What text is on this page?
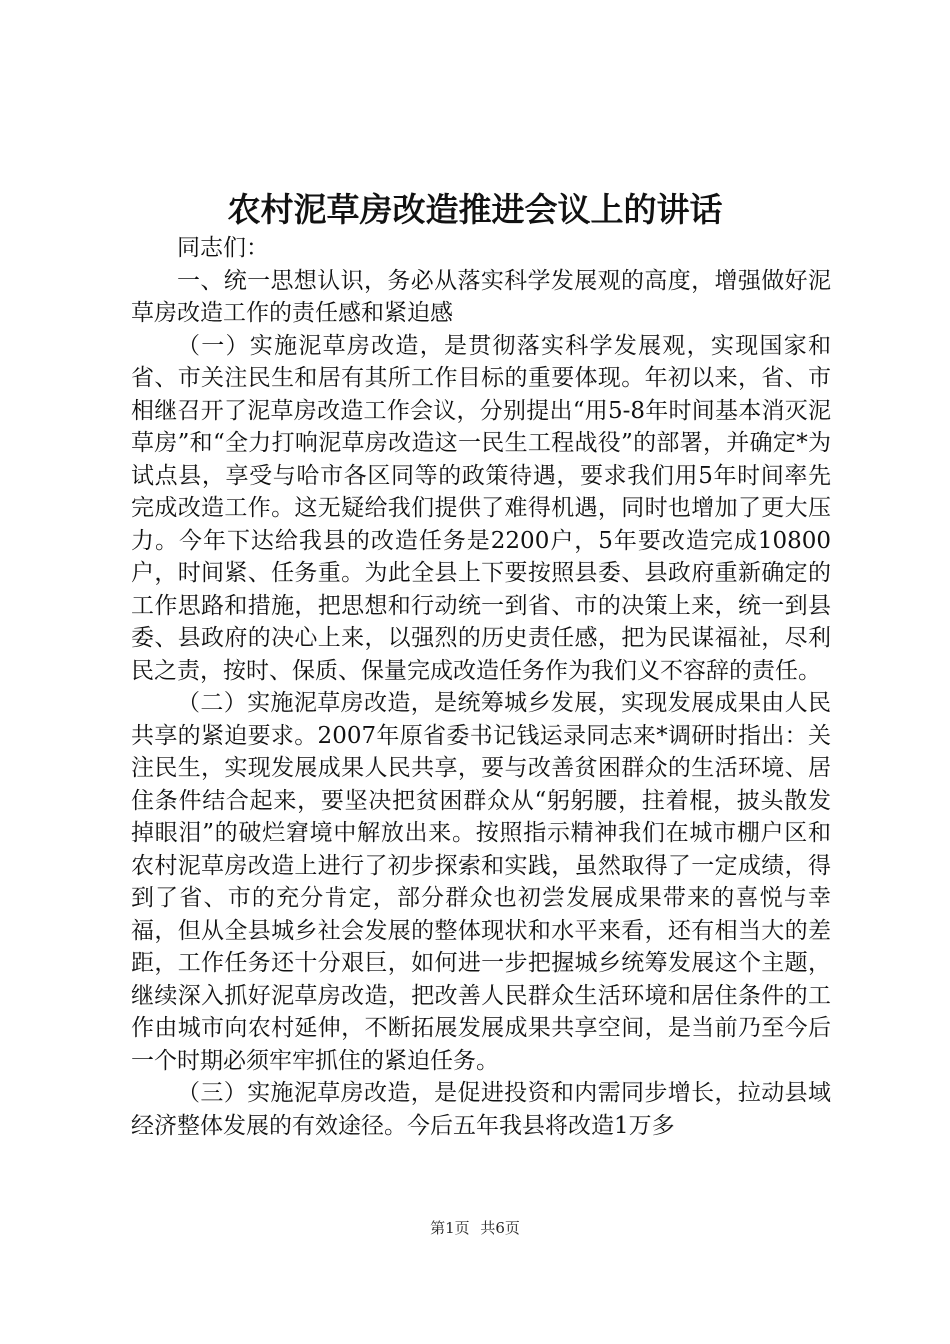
农村泥草房改造推进会议上的讲话

同志们：

一、统一思想认识，务必从落实科学发展观的高度，增强做好泥草房改造工作的责任感和紧迫感

（一）实施泥草房改造，是贯彻落实科学发展观，实现国家和省、市关注民生和居有其所工作目标的重要体现。年初以来，省、市相继召开了泥草房改造工作会议，分别提出“用5-8年时间基本消灭泥草房”和“全力打响泥草房改造这一民生工程战役”的部署，并确定*为试点县，享受与哈市各区同等的政策待遇，要求我们用5年时间率先完成改造工作。这无疑给我们提供了难得机遇，同时也增加了更大压力。今年下达给我县的改造任务是2200户，5年要改造完成10800户，时间紧、任务重。为此全县上下要按照县委、县政府重新确定的工作思路和措施，把思想和行动统一到省、市的决策上来，统一到县委、县政府的决心上来，以强烈的历史责任感，把为民谋福祉，尽利民之责，按时、保质、保量完成改造任务作为我们义不容辞的责任。

（二）实施泥草房改造，是统筹城乡发展，实现发展成果由人民共享的紧迫要求。2007年原省委书记钱运录同志来*调研时指出：关注民生，实现发展成果人民共享，要与改善贫困群众的生活环境、居住条件结合起来，要坚决把贫困群众从“躬躬腰，拄着棍，披头散发掉眼泪”的破烂窘境中解放出来。按照指示精神我们在城市棚户区和农村泥草房改造上进行了初步探索和实践，虽然取得了一定成绩，得到了省、市的充分肯定，部分群众也初尝发展成果带来的喜悦与幸福，但从全县城乡社会发展的整体现状和水平来看，还有相当大的差距，工作任务还十分艰巨，如何进一步把握城乡统筹发展这个主题，继续深入抓好泥草房改造，把改善人民群众生活环境和居住条件的工作由城市向农村延伸，不断拓展发展成果共享空间，是当前乃至今后一个时期必须牢牢抓住的紧迫任务。

（三）实施泥草房改造，是促进投资和内需同步增长，拉动县域经济整体发展的有效途径。今后五年我县将改造1万多

第1页 共6页
